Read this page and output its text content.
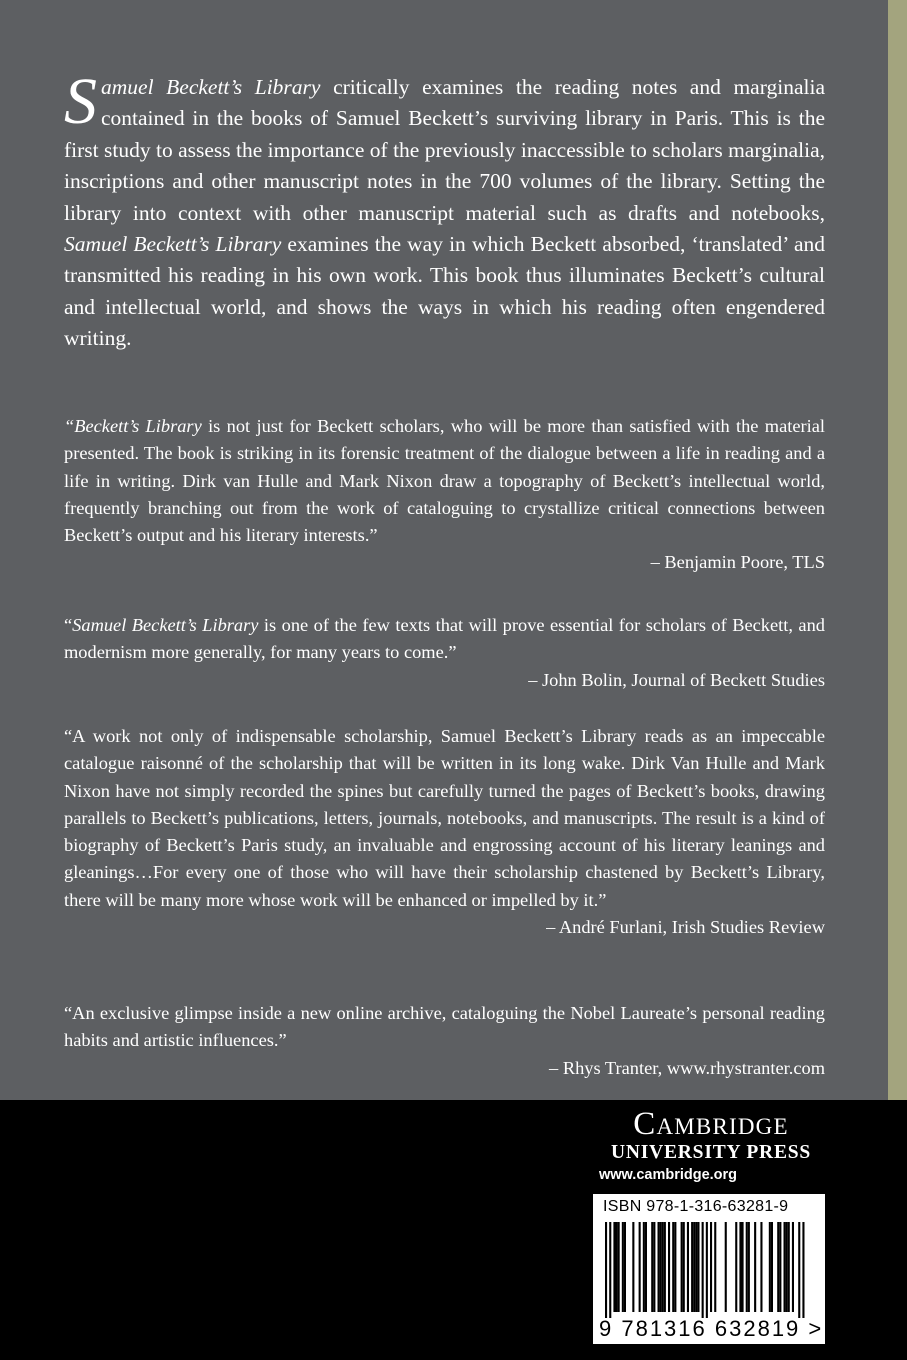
Samuel Beckett’s Library critically examines the reading notes and marginalia contained in the books of Samuel Beckett’s surviving library in Paris. This is the first study to assess the importance of the previously inaccessible to scholars marginalia, inscriptions and other manuscript notes in the 700 volumes of the library. Setting the library into context with other manuscript material such as drafts and notebooks, Samuel Beckett’s Library examines the way in which Beckett absorbed, ‘translated’ and transmitted his reading in his own work. This book thus illuminates Beckett’s cultural and intellectual world, and shows the ways in which his reading often engendered writing.

“Beckett’s Library is not just for Beckett scholars, who will be more than satisfied with the material presented. The book is striking in its forensic treatment of the dialogue between a life in reading and a life in writing. Dirk van Hulle and Mark Nixon draw a topography of Beckett’s intellectual world, frequently branching out from the work of cataloguing to crystallize critical connections between Beckett’s output and his literary interests.”

– Benjamin Poore, TLS

“Samuel Beckett’s Library is one of the few texts that will prove essential for scholars of Beckett, and modernism more generally, for many years to come.”

– John Bolin, Journal of Beckett Studies

“A work not only of indispensable scholarship, Samuel Beckett’s Library reads as an impeccable catalogue raisonné of the scholarship that will be written in its long wake. Dirk Van Hulle and Mark Nixon have not simply recorded the spines but carefully turned the pages of Beckett’s books, drawing parallels to Beckett’s publications, letters, journals, notebooks, and manuscripts. The result is a kind of biography of Beckett’s Paris study, an invaluable and engrossing account of his literary leanings and gleanings…For every one of those who will have their scholarship chastened by Beckett’s Library, there will be many more whose work will be enhanced or impelled by it.”

– André Furlani, Irish Studies Review

“An exclusive glimpse inside a new online archive, cataloguing the Nobel Laureate’s personal reading habits and artistic influences.”

– Rhys Tranter, www.rhystranter.com

Cambridge
UNIVERSITY PRESS
www.cambridge.org
ISBN 978-1-316-63281-9
9 781316 632819 >
